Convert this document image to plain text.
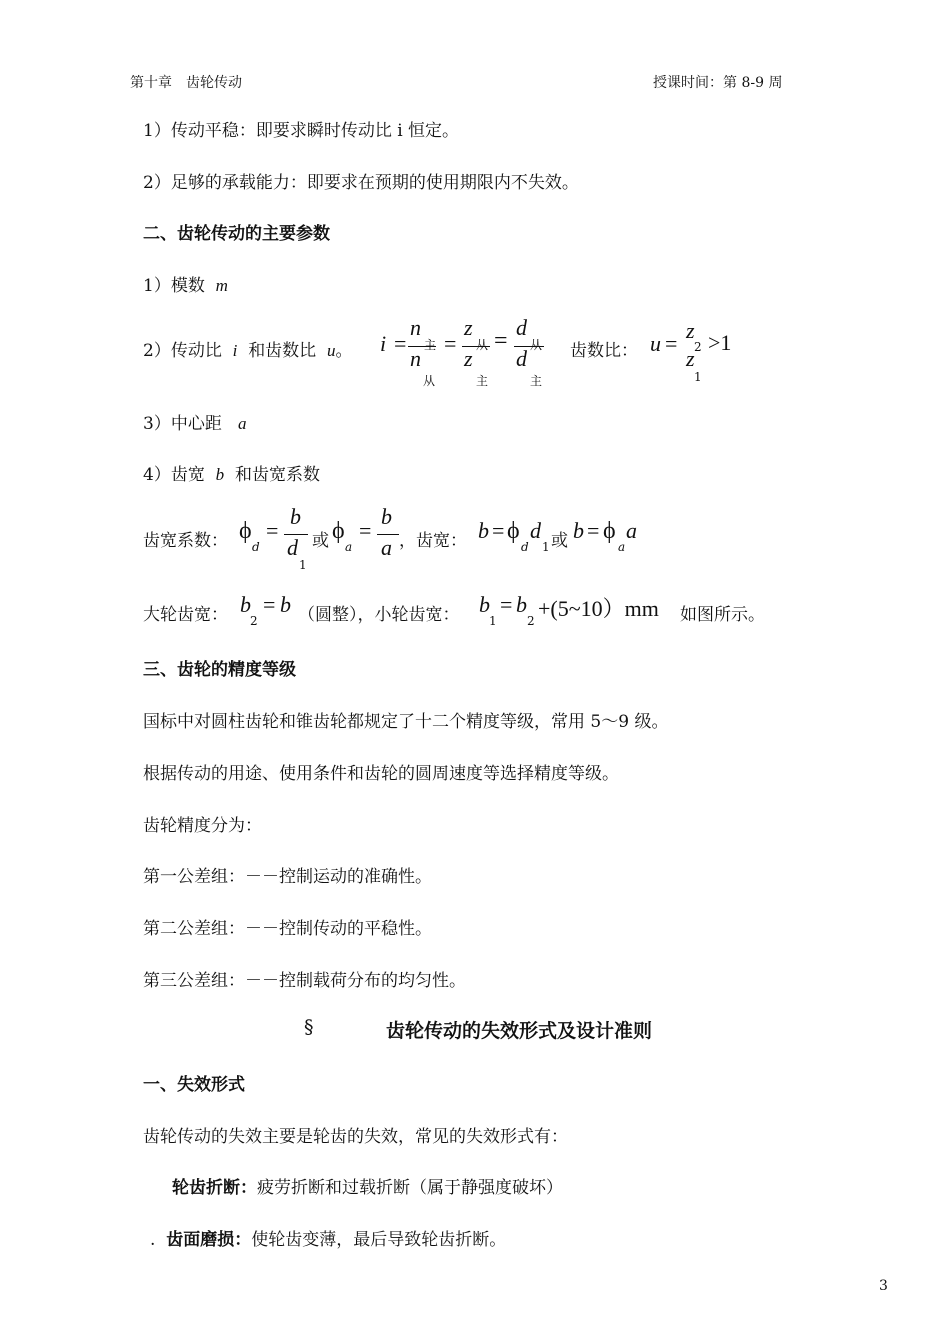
第十章　齿轮传动	授课时间：第 8-9 周
1）传动平稳：即要求瞬时传动比 i 恒定。
2）足够的承载能力：即要求在预期的使用期限内不失效。
二、齿轮传动的主要参数
1）模数 m
2）传动比 i 和齿数比 u。 i =
n
主
n
从
=
z
从
z
主
=
d
从
d
主
齿数比： u =
z
2 >1
z
1
3）中心距 a
4）齿宽 b 和齿宽系数
齿宽系数： ϕ
d
=
b
d
1
或 ϕ
a
=
b
a ，齿宽： b = ϕ
d
d
1 或 b = ϕ
a
a
大轮齿宽： b
2
= b （圆整），小轮齿宽： b
1
= b
2 +(5~10）mm 如图所示。
三、齿轮的精度等级
国标中对圆柱齿轮和锥齿轮都规定了十二个精度等级，常用 5～9 级。
根据传动的用途、使用条件和齿轮的圆周速度等选择精度等级。
齿轮精度分为：
第一公差组：－－控制运动的准确性。
第二公差组：－－控制传动的平稳性。
第三公差组：－－控制载荷分布的均匀性。
§	齿轮传动的失效形式及设计准则
一、失效形式
齿轮传动的失效主要是轮齿的失效，常见的失效形式有：
轮齿折断：疲劳折断和过载折断（属于静强度破坏）
. 齿面磨损：使轮齿变薄，最后导致轮齿折断。
3
